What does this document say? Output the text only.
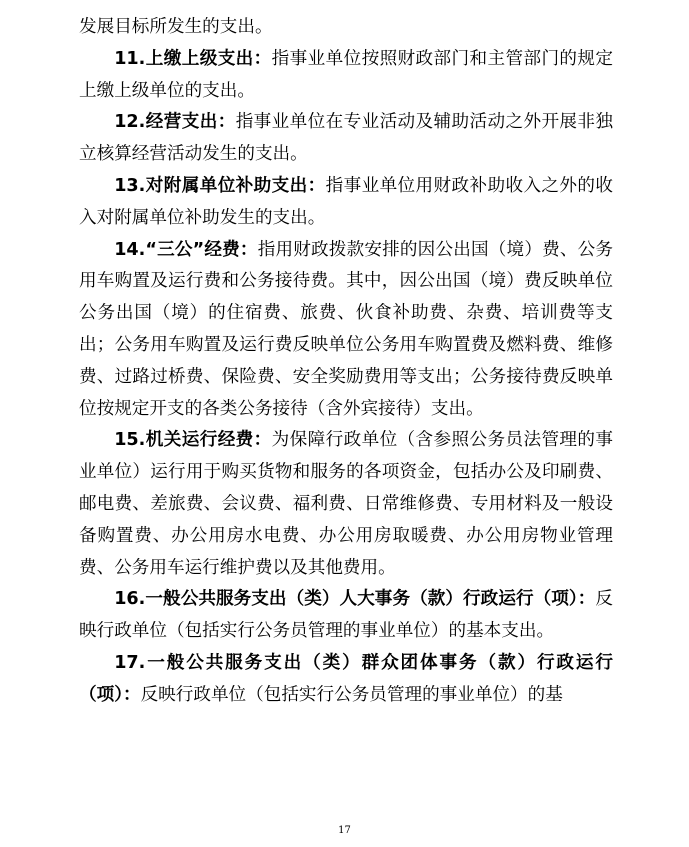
发展目标所发生的支出。

11.上缴上级支出：指事业单位按照财政部门和主管部门的规定上缴上级单位的支出。

12.经营支出：指事业单位在专业活动及辅助活动之外开展非独立核算经营活动发生的支出。

13.对附属单位补助支出：指事业单位用财政补助收入之外的收入对附属单位补助发生的支出。

14.“三公”经费：指用财政拨款安排的因公出国（境）费、公务用车购置及运行费和公务接待费。其中，因公出国（境）费反映单位公务出国（境）的住宿费、旅费、伙食补助费、杂费、培训费等支出；公务用车购置及运行费反映单位公务用车购置费及燃料费、维修费、过路过桥费、保险费、安全奖励费用等支出；公务接待费反映单位按规定开支的各类公务接待（含外宾接待）支出。

15.机关运行经费：为保障行政单位（含参照公务员法管理的事业单位）运行用于购买货物和服务的各项资金，包括办公及印刷费、邮电费、差旅费、会议费、福利费、日常维修费、专用材料及一般设备购置费、办公用房水电费、办公用房取暖费、办公用房物业管理费、公务用车运行维护费以及其他费用。

16.一般公共服务支出（类）人大事务（款）行政运行（项）：反映行政单位（包括实行公务员管理的事业单位）的基本支出。

17.一般公共服务支出（类）群众团体事务（款）行政运行（项）：反映行政单位（包括实行公务员管理的事业单位）的基

17
